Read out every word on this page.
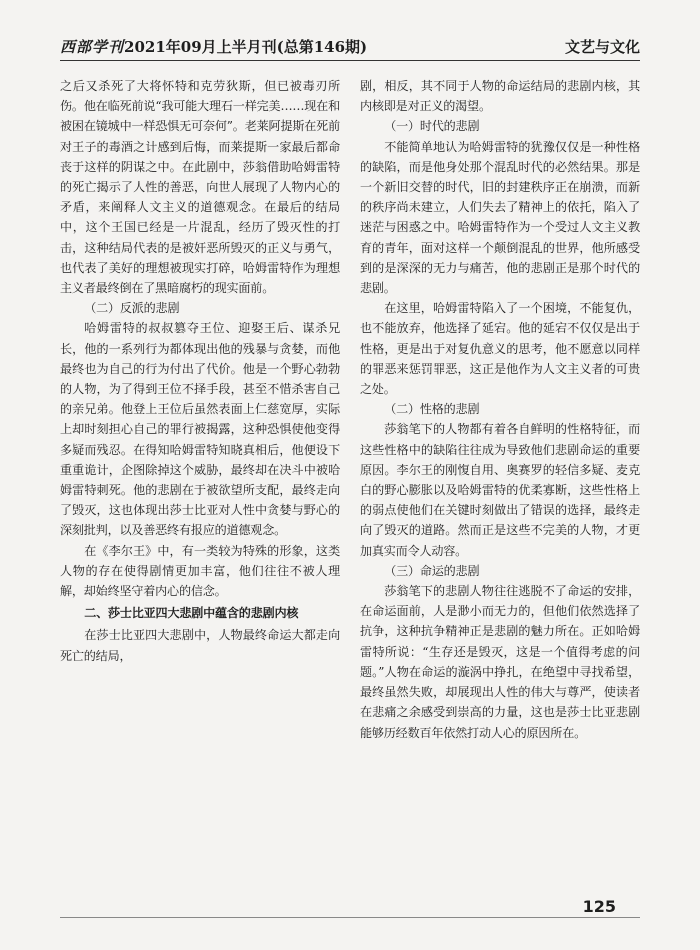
西部学刊2021年09月上半月刊(总第146期)	文艺与文化

之后又杀死了大将怀特和克劳狄斯，但已被毒刃所伤。他在临死前说“我可能大理石一样完美……现在和被困在镜城中一样恐惧无可奈何”。老莱阿提斯在死前对王子的毒酒之计感到后悔，而莱提斯一家最后都命丧于这样的阴谋之中。在此剧中，莎翁借助哈姆雷特的死亡揭示了人性的善恶，向世人展现了人物内心的矛盾，来阐释人文主义的道德观念。在最后的结局中，这个王国已经是一片混乱，经历了毁灭性的打击，这种结局代表的是被奸恶所毁灭的正义与勇气，也代表了美好的理想被现实打碎，哈姆雷特作为理想主义者最终倒在了黑暗腐朽的现实面前。

（二）反派的悲剧

哈姆雷特的叔叔篡夺王位、迎娶王后、谋杀兄长，他的一系列行为都体现出他的残暴与贪婪，而他最终也为自己的行为付出了代价。他是一个野心勃勃的人物，为了得到王位不择手段，甚至不惜杀害自己的亲兄弟。他登上王位后虽然表面上仁慈宽厚，实际上却时刻担心自己的罪行被揭露，这种恐惧使他变得多疑而残忍。在得知哈姆雷特知晓真相后，他便设下重重诡计，企图除掉这个威胁，最终却在决斗中被哈姆雷特刺死。他的悲剧在于被欲望所支配，最终走向了毁灭，这也体现出莎士比亚对人性中贪婪与野心的深刻批判，以及善恶终有报应的道德观念。

在《李尔王》中，有一类较为特殊的形象，这类人物的存在使得剧情更加丰富，他们往往不被人理解，却始终坚守着内心的信念。

二、莎士比亚四大悲剧中蕴含的悲剧内核

在莎士比亚四大悲剧中，人物最终命运大都走向死亡的结局，

剧，相反，其不同于人物的命运结局的悲剧内核，其内核即是对正义的渴望。

（一）时代的悲剧

不能简单地认为哈姆雷特的犹豫仅仅是一种性格的缺陷，而是他身处那个混乱时代的必然结果。那是一个新旧交替的时代，旧的封建秩序正在崩溃，而新的秩序尚未建立，人们失去了精神上的依托，陷入了迷茫与困惑之中。哈姆雷特作为一个受过人文主义教育的青年，面对这样一个颠倒混乱的世界，他所感受到的是深深的无力与痛苦，他的悲剧正是那个时代的悲剧。

在这里，哈姆雷特陷入了一个困境，不能复仇，也不能放弃，他选择了延宕。他的延宕不仅仅是出于性格，更是出于对复仇意义的思考，他不愿意以同样的罪恶来惩罚罪恶，这正是他作为人文主义者的可贵之处。

（二）性格的悲剧

莎翁笔下的人物都有着各自鲜明的性格特征，而这些性格中的缺陷往往成为导致他们悲剧命运的重要原因。李尔王的刚愎自用、奥赛罗的轻信多疑、麦克白的野心膨胀以及哈姆雷特的优柔寡断，这些性格上的弱点使他们在关键时刻做出了错误的选择，最终走向了毁灭的道路。然而正是这些不完美的人物，才更加真实而令人动容。

（三）命运的悲剧

莎翁笔下的悲剧人物往往逃脱不了命运的安排，在命运面前，人是渺小而无力的，但他们依然选择了抗争，这种抗争精神正是悲剧的魅力所在。正如哈姆雷特所说：“生存还是毁灭，这是一个值得考虑的问题。”人物在命运的漩涡中挣扎，在绝望中寻找希望，最终虽然失败，却展现出人性的伟大与尊严，使读者在悲痛之余感受到崇高的力量，这也是莎士比亚悲剧能够历经数百年依然打动人心的原因所在。

125
